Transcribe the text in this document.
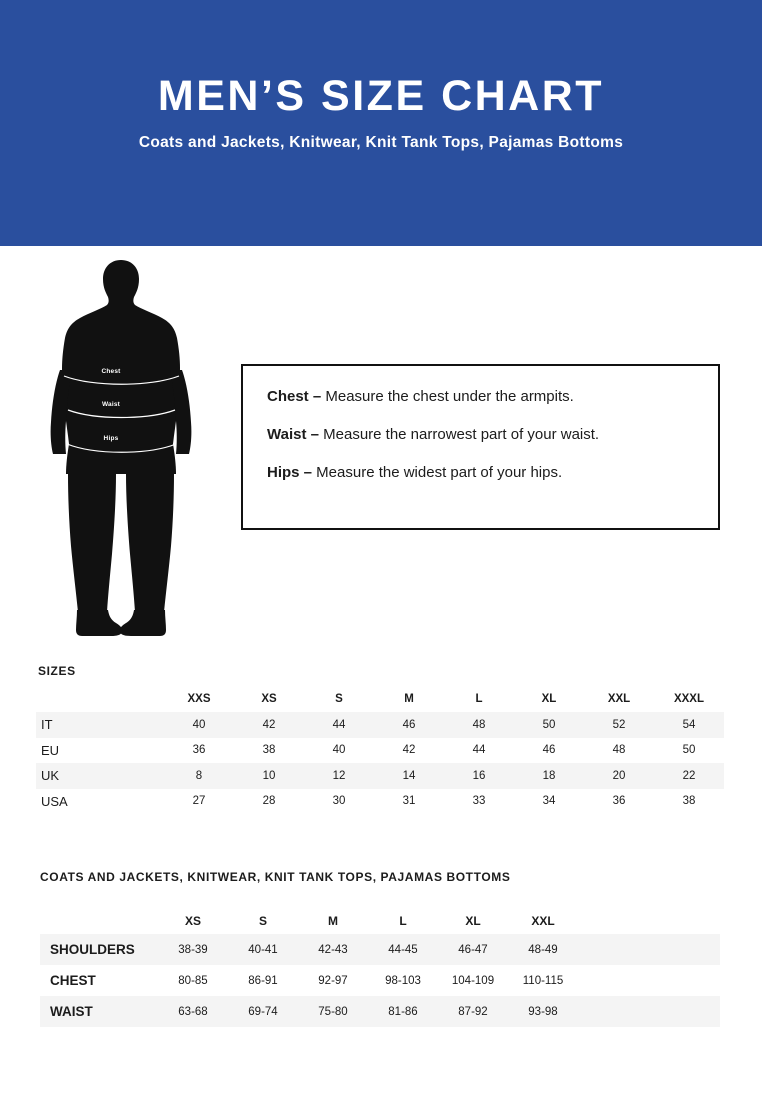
MEN’S SIZE CHART
Coats and Jackets, Knitwear, Knit Tank Tops, Pajamas Bottoms
Chest
Waist
Hips
Chest – Measure the chest under the armpits.
Waist – Measure the narrowest part of your waist.
Hips – Measure the widest part of your hips.
SIZES
	XXS	XS	S	M	L	XL	XXL	XXXL
IT	40	42	44	46	48	50	52	54
EU	36	38	40	42	44	46	48	50
UK	8	10	12	14	16	18	20	22
USA	27	28	30	31	33	34	36	38
COATS AND JACKETS, KNITWEAR, KNIT TANK TOPS, PAJAMAS BOTTOMS
	XS	S	M	L	XL	XXL	
SHOULDERS	38-39	40-41	42-43	44-45	46-47	48-49	
CHEST	80-85	86-91	92-97	98-103	104-109	110-115	
WAIST	63-68	69-74	75-80	81-86	87-92	93-98	
